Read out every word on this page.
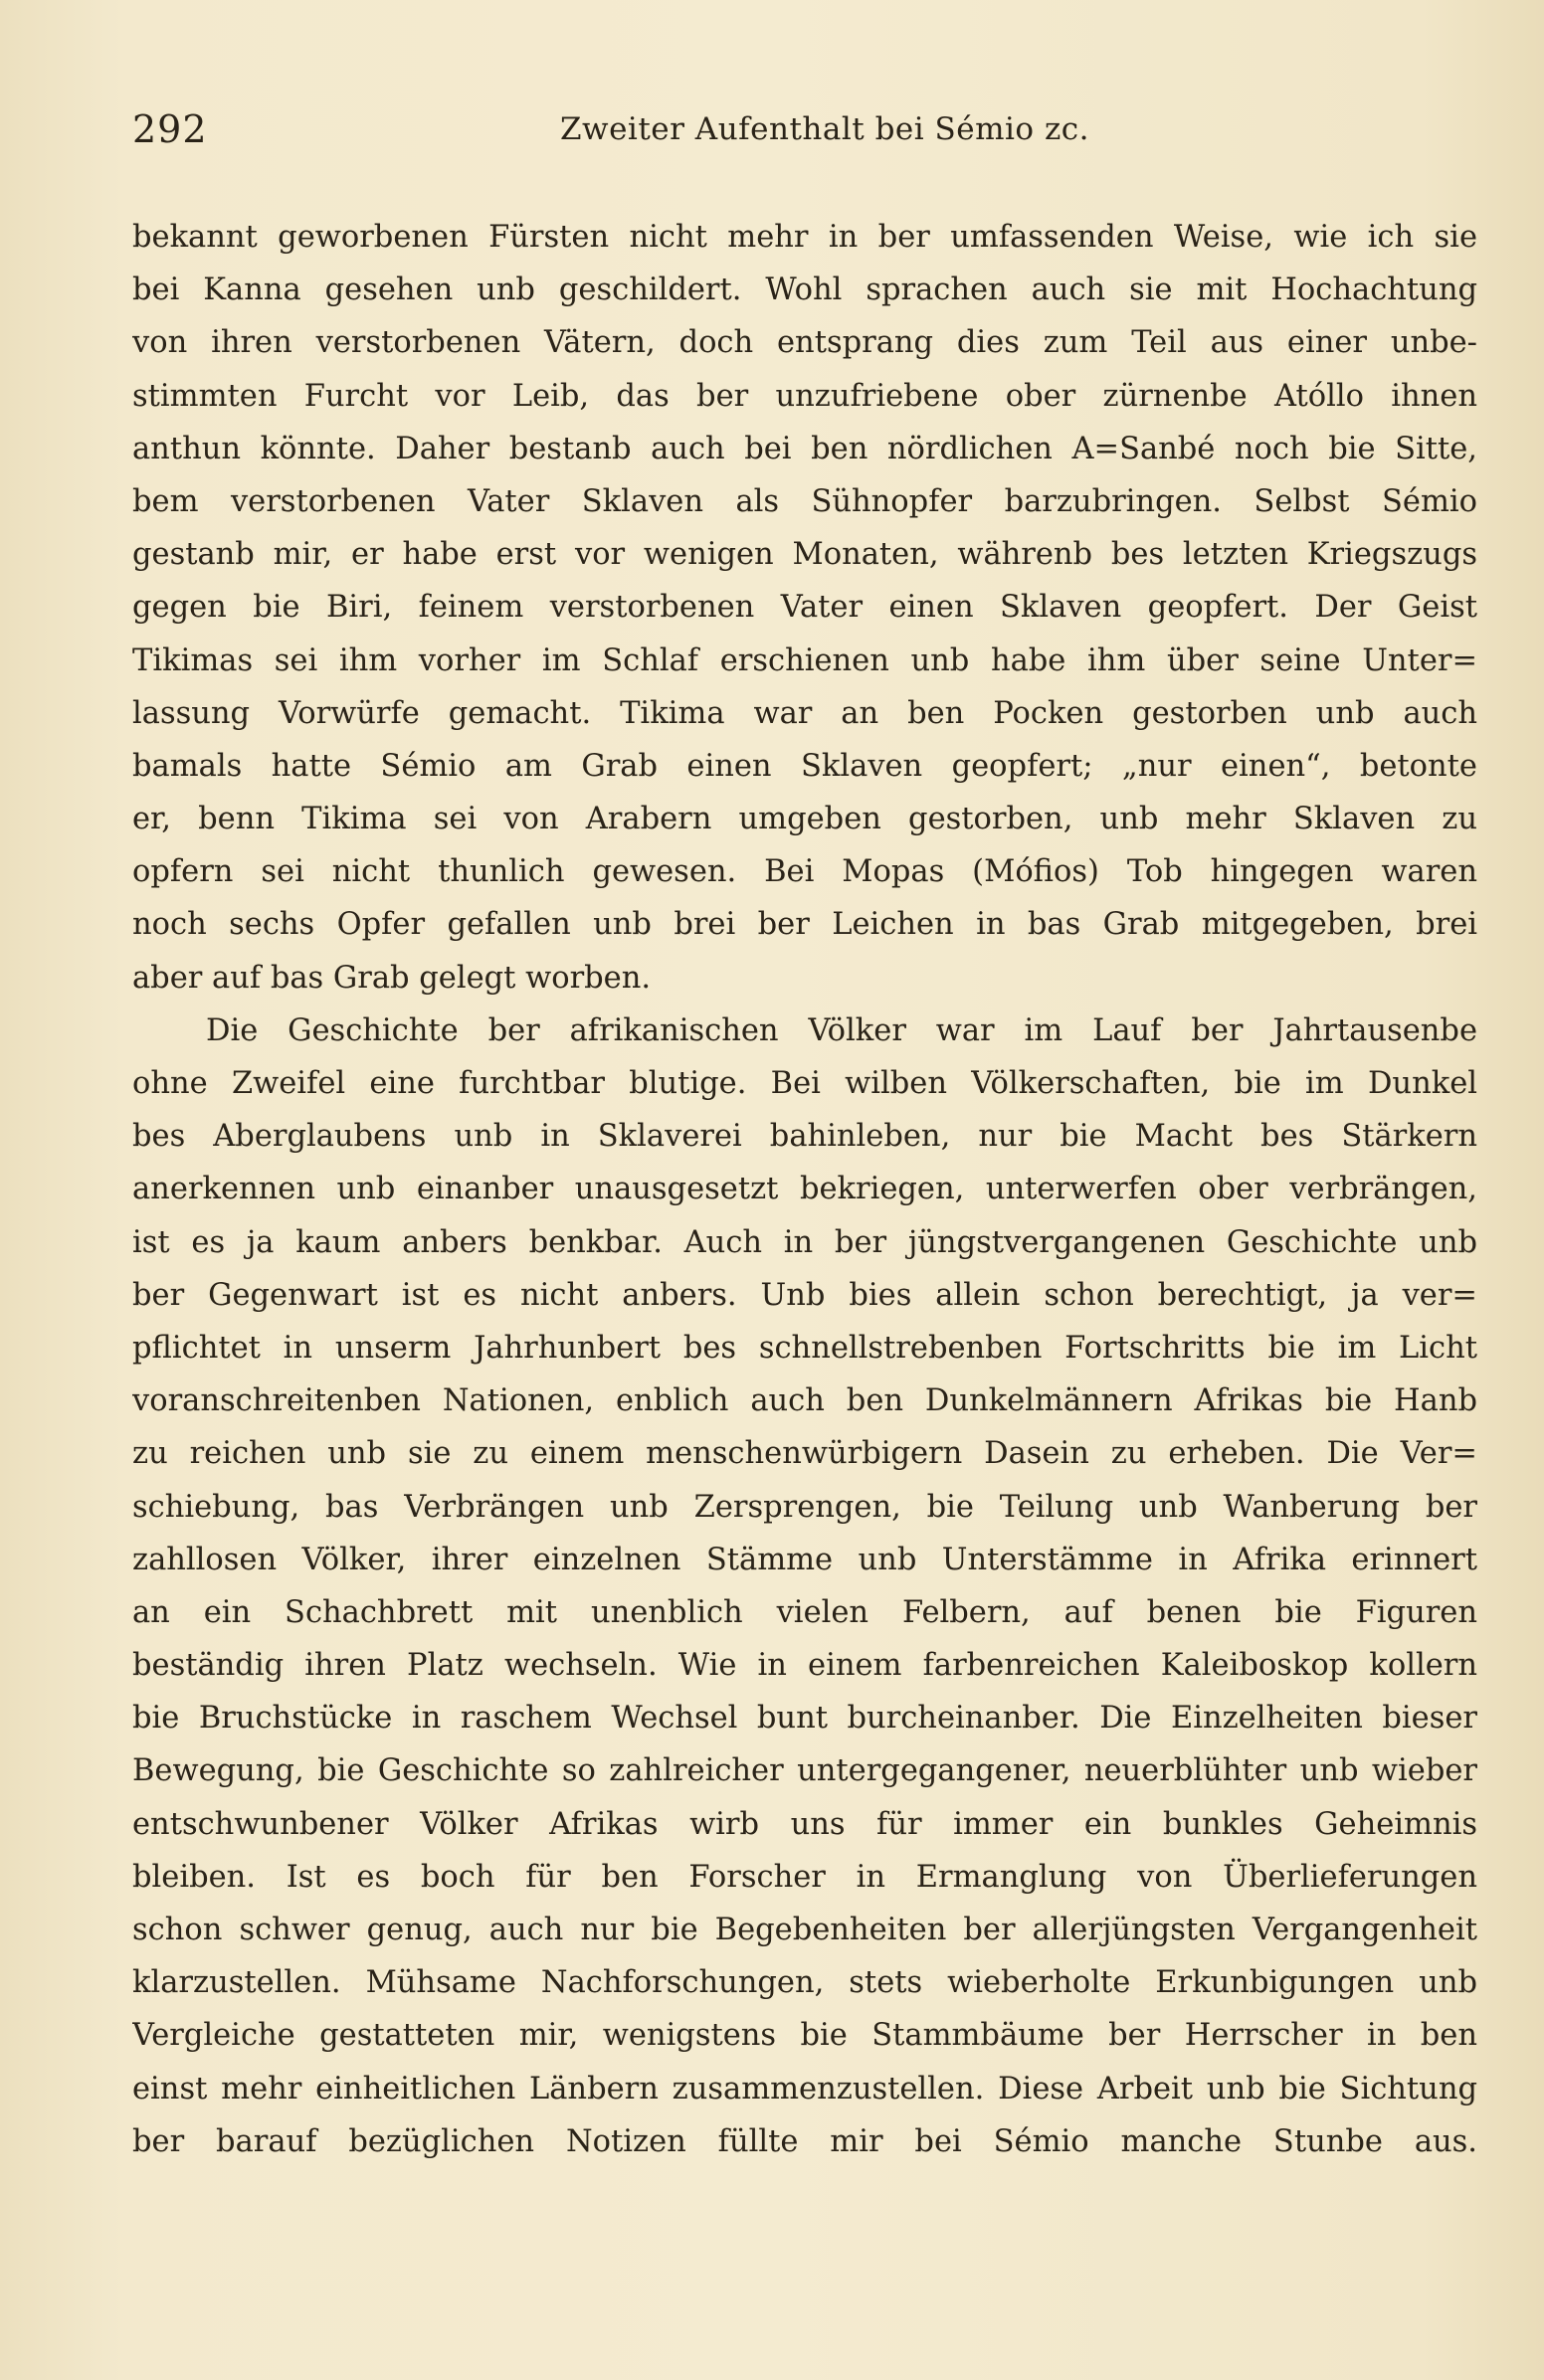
292	Zweiter Aufenthalt bei Sémio zc.
bekannt geworbenen Fürsten nicht mehr in ber umfassenden Weise, wie ich sie
bei Kanna gesehen unb geschildert. Wohl sprachen auch sie mit Hochachtung
von ihren verstorbenen Vätern, doch entsprang dies zum Teil aus einer unbe-
stimmten Furcht vor Leib, das ber unzufriebene ober zürnenbe Atóllo ihnen
anthun könnte. Daher bestanb auch bei ben nördlichen A=Sanbé noch bie Sitte,
bem verstorbenen Vater Sklaven als Sühnopfer barzubringen. Selbst Sémio
gestanb mir, er habe erst vor wenigen Monaten, währenb bes letzten Kriegszugs
gegen bie Biri, feinem verstorbenen Vater einen Sklaven geopfert. Der Geist
Tikimas sei ihm vorher im Schlaf erschienen unb habe ihm über seine Unter=
lassung Vorwürfe gemacht. Tikima war an ben Pocken gestorben unb auch
bamals hatte Sémio am Grab einen Sklaven geopfert; „nur einen“, betonte
er, benn Tikima sei von Arabern umgeben gestorben, unb mehr Sklaven zu
opfern sei nicht thunlich gewesen. Bei Mopas (Mófios) Tob hingegen waren
noch sechs Opfer gefallen unb brei ber Leichen in bas Grab mitgegeben, brei
aber auf bas Grab gelegt worben.
Die Geschichte ber afrikanischen Völker war im Lauf ber Jahrtausenbe
ohne Zweifel eine furchtbar blutige. Bei wilben Völkerschaften, bie im Dunkel
bes Aberglaubens unb in Sklaverei bahinleben, nur bie Macht bes Stärkern
anerkennen unb einanber unausgesetzt bekriegen, unterwerfen ober verbrängen,
ist es ja kaum anbers benkbar. Auch in ber jüngstvergangenen Geschichte unb
ber Gegenwart ist es nicht anbers. Unb bies allein schon berechtigt, ja ver=
pflichtet in unserm Jahrhunbert bes schnellstrebenben Fortschritts bie im Licht
voranschreitenben Nationen, enblich auch ben Dunkelmännern Afrikas bie Hanb
zu reichen unb sie zu einem menschenwürbigern Dasein zu erheben. Die Ver=
schiebung, bas Verbrängen unb Zersprengen, bie Teilung unb Wanberung ber
zahllosen Völker, ihrer einzelnen Stämme unb Unterstämme in Afrika erinnert
an ein Schachbrett mit unenblich vielen Felbern, auf benen bie Figuren
beständig ihren Platz wechseln. Wie in einem farbenreichen Kaleiboskop kollern
bie Bruchstücke in raschem Wechsel bunt burcheinanber. Die Einzelheiten bieser
Bewegung, bie Geschichte so zahlreicher untergegangener, neuerblühter unb wieber
entschwunbener Völker Afrikas wirb uns für immer ein bunkles Geheimnis
bleiben. Ist es boch für ben Forscher in Ermanglung von Überlieferungen
schon schwer genug, auch nur bie Begebenheiten ber allerjüngsten Vergangenheit
klarzustellen. Mühsame Nachforschungen, stets wieberholte Erkunbigungen unb
Vergleiche gestatteten mir, wenigstens bie Stammbäume ber Herrscher in ben
einst mehr einheitlichen Länbern zusammenzustellen. Diese Arbeit unb bie Sichtung
ber barauf bezüglichen Notizen füllte mir bei Sémio manche Stunbe aus.
